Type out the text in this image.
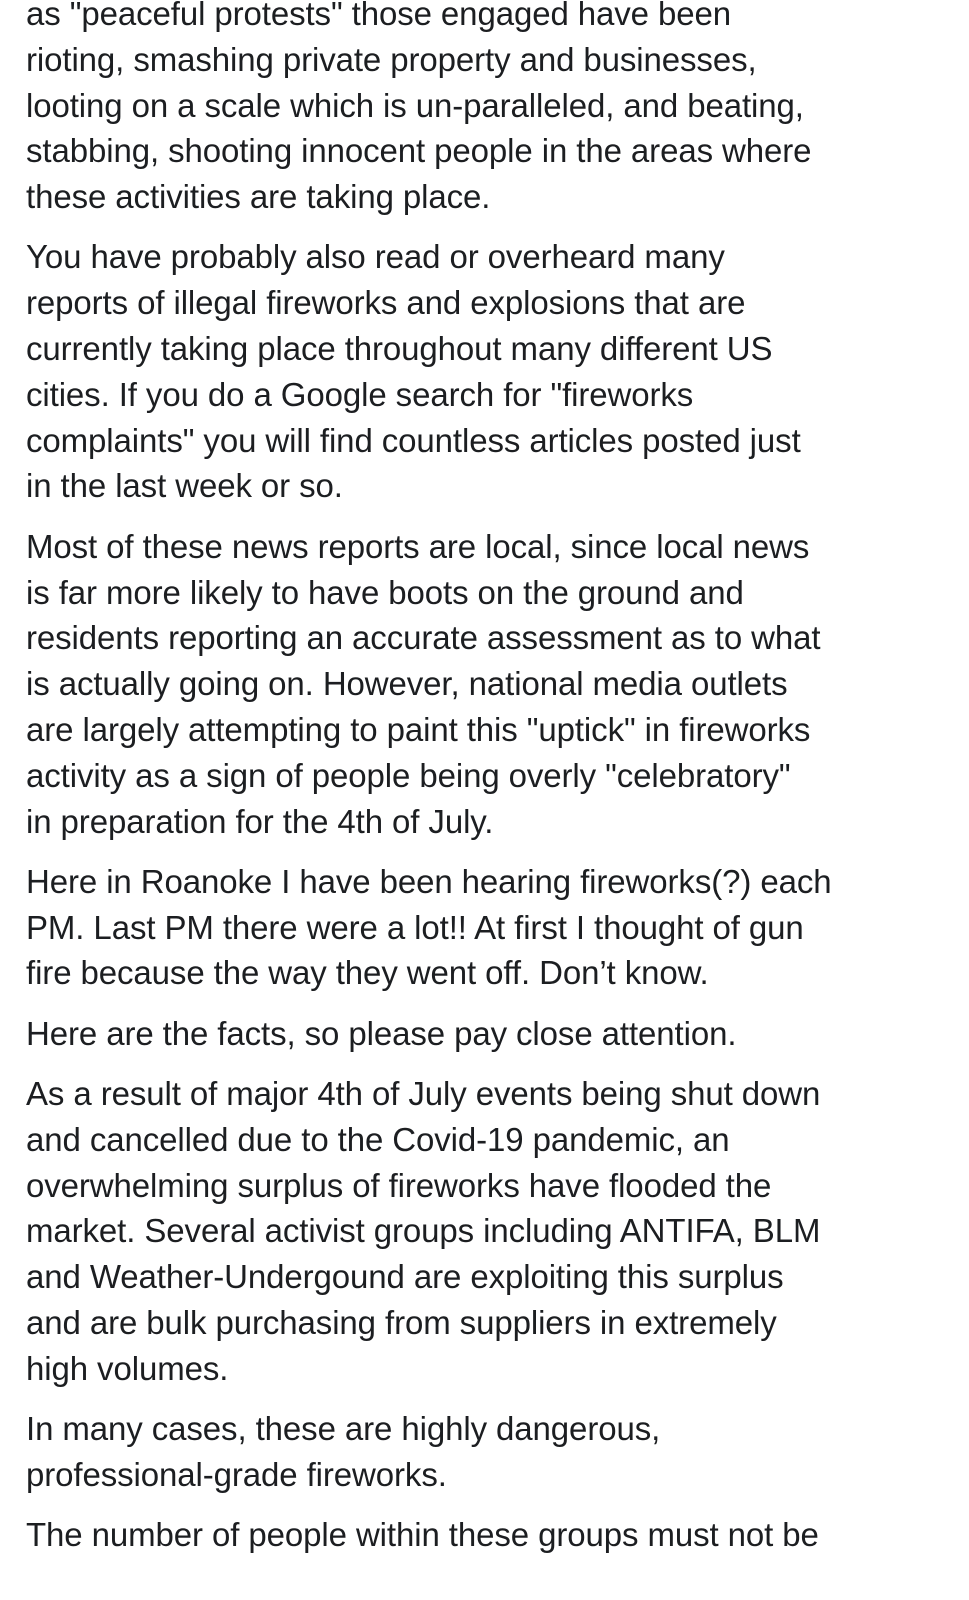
as "peaceful protests" those engaged have been
rioting, smashing private property and businesses,
looting on a scale which is un-paralleled, and beating,
stabbing, shooting innocent people in the areas where
these activities are taking place.

You have probably also read or overheard many
reports of illegal fireworks and explosions that are
currently taking place throughout many different US
cities. If you do a Google search for "fireworks
complaints" you will find countless articles posted just
in the last week or so.

Most of these news reports are local, since local news
is far more likely to have boots on the ground and
residents reporting an accurate assessment as to what
is actually going on. However, national media outlets
are largely attempting to paint this "uptick" in fireworks
activity as a sign of people being overly "celebratory"
in preparation for the 4th of July.

Here in Roanoke I have been hearing fireworks(?) each
PM. Last PM there were a lot!! At first I thought of gun
fire because the way they went off. Don’t know.

Here are the facts, so please pay close attention.

As a result of major 4th of July events being shut down
and cancelled due to the Covid-19 pandemic, an
overwhelming surplus of fireworks have flooded the
market. Several activist groups including ANTIFA, BLM
and Weather-Undergound are exploiting this surplus
and are bulk purchasing from suppliers in extremely
high volumes.

In many cases, these are highly dangerous,
professional-grade fireworks.

The number of people within these groups must not be
